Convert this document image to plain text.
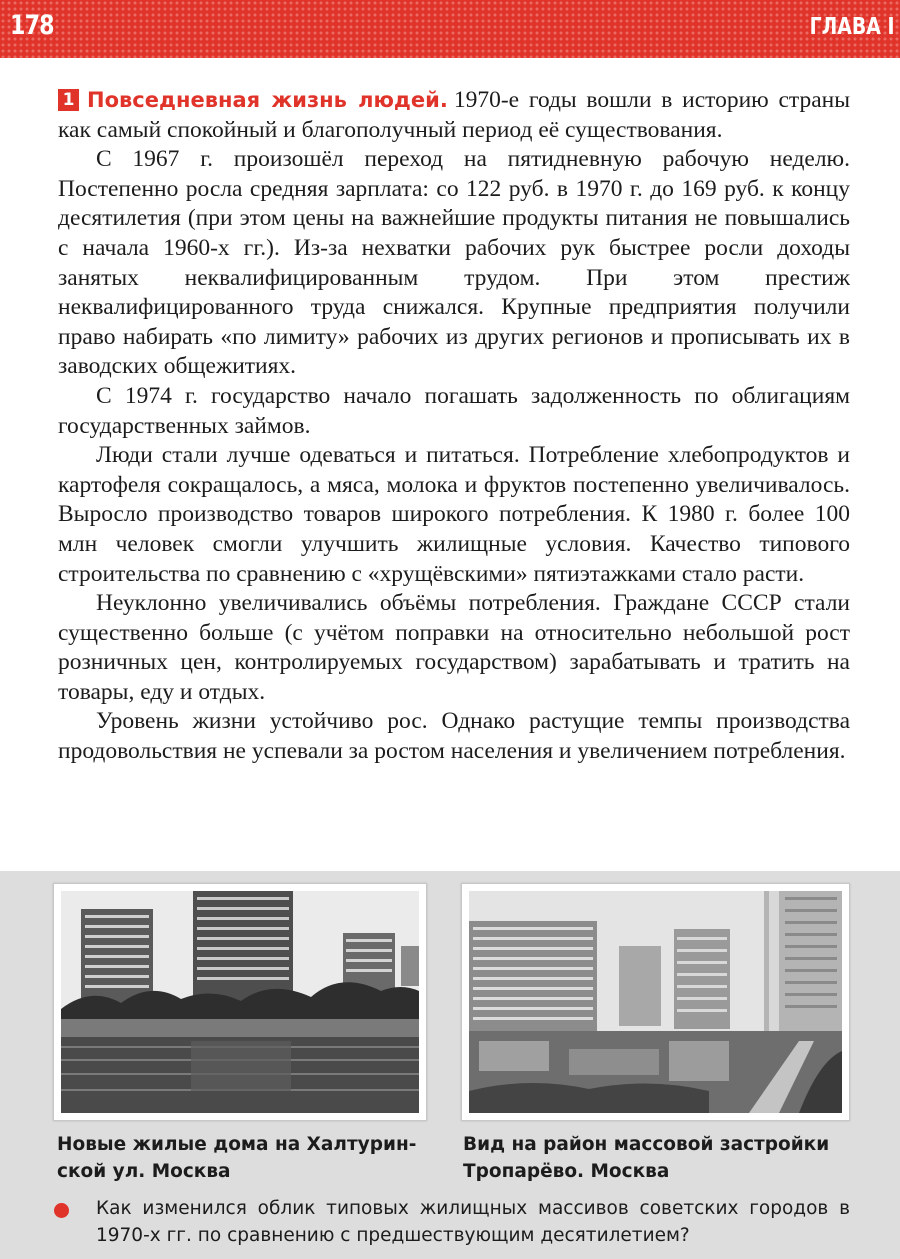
178	ГЛАВА I

1 Повседневная жизнь людей. 1970-е годы вошли в историю страны как самый спокойный и благополучный период её существования.

С 1967 г. произошёл переход на пятидневную рабочую неделю. Постепенно росла средняя зарплата: со 122 руб. в 1970 г. до 169 руб. к концу десятилетия (при этом цены на важнейшие продукты питания не повышались с начала 1960-х гг.). Из-за нехватки рабочих рук быстрее росли доходы занятых неквалифицированным трудом. При этом престиж неквалифицированного труда снижался. Крупные предприятия получили право набирать «по лимиту» рабочих из других регионов и прописывать их в заводских общежитиях.

С 1974 г. государство начало погашать задолженность по облигациям государственных займов.

Люди стали лучше одеваться и питаться. Потребление хлебопродуктов и картофеля сокращалось, а мяса, молока и фруктов постепенно увеличивалось. Выросло производство товаров широкого потребления. К 1980 г. более 100 млн человек смогли улучшить жилищные условия. Качество типового строительства по сравнению с «хрущёвскими» пятиэтажками стало расти.

Неуклонно увеличивались объёмы потребления. Граждане СССР стали существенно больше (с учётом поправки на относительно небольшой рост розничных цен, контролируемых государством) зарабатывать и тратить на товары, еду и отдых.

Уровень жизни устойчиво рос. Однако растущие темпы производства продовольствия не успевали за ростом населения и увеличением потребления.

Новые жилые дома на Халтурин-
ской ул. Москва
Вид на район массовой застройки
Тропарёво. Москва
Как изменился облик типовых жилищных массивов советских городов в 1970-х гг. по сравнению с предшествующим десятилетием?
